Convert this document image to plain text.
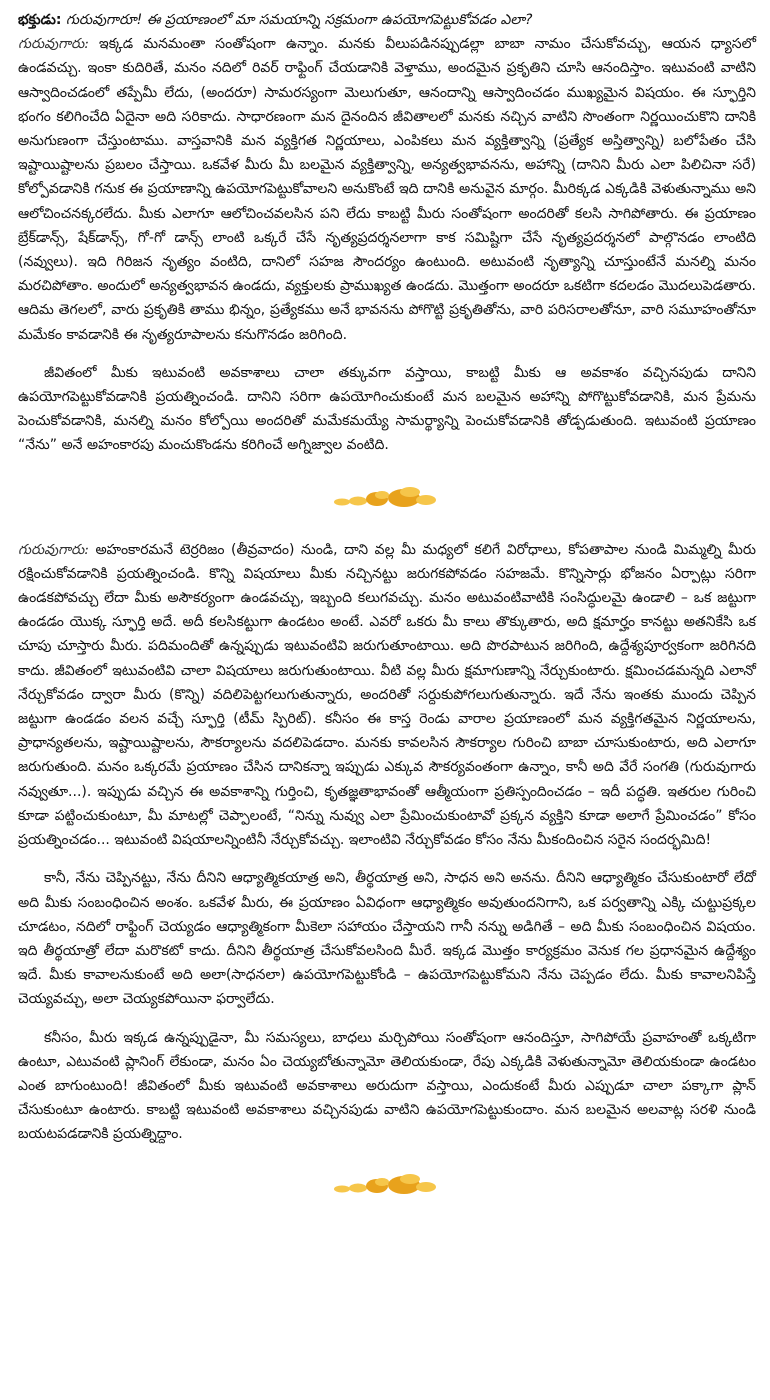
భక్తుడు: గురువుగారూ! ఈ ప్రయాణంలో మా సమయాన్ని సక్రమంగా ఉపయోగపెట్టుకోవడం ఎలా?

గురువుగారు: ఇక్కడ మనమంతా సంతోషంగా ఉన్నాం. మనకు వీలుపడినప్పుడల్లా బాబా నామం చేసుకోవచ్చు, ఆయన ధ్యాసలో ఉండవచ్చు. ఇంకా కుదిరితే, మనం నదిలో రివర్ రాఫ్టింగ్ చేయడానికి వెళ్తాము, అందమైన ప్రకృతిని చూసి ఆనందిస్తాం. ఇటువంటి వాటిని ఆస్వాదించడంలో తప్పేమీ లేదు, (అందరూ) సామరస్యంగా మెలుగుతూ, ఆనందాన్ని ఆస్వాదించడం ముఖ్యమైన విషయం. ఈ స్ఫూర్తిని భంగం కలిగించేది ఏదైనా అది సరికాదు. సాధారణంగా మన దైనందిన జీవితాలలో మనకు నచ్చిన వాటిని సొంతంగా నిర్ణయించుకొని దానికి అనుగుణంగా చేస్తుంటాము. వాస్తవానికి మన వ్యక్తిగత నిర్ణయాలు, ఎంపికలు మన వ్యక్తిత్వాన్ని (ప్రత్యేక అస్తిత్వాన్ని) బలోపేతం చేసి ఇష్టాయిష్టాలను ప్రబలం చేస్తాయి. ఒకవేళ మీరు మీ బలమైన వ్యక్తిత్వాన్ని, అన్యత్వభావనను, అహాన్ని (దానిని మీరు ఎలా పిలిచినా సరే) కోల్పోవడానికి గనుక ఈ ప్రయాణాన్ని ఉపయోగపెట్టుకోవాలని అనుకొంటే ఇది దానికి అనువైన మార్గం. మీరిక్కడ ఎక్కడికి వెళుతున్నాము అని ఆలోచించనక్కరలేదు. మీకు ఎలాగూ ఆలోచించవలసిన పని లేదు కాబట్టి మీరు సంతోషంగా అందరితో కలసి సాగిపోతారు. ఈ ప్రయాణం బ్రేక్‌డాన్స్, షేక్‌డాన్స్, గో-గో డాన్స్ లాంటి ఒక్కరే చేసే నృత్యప్రదర్శనలాగా కాక సమిష్టిగా చేసే నృత్యప్రదర్శనలో పాల్గొనడం లాంటిది (నవ్వులు). ఇది గిరిజన నృత్యం వంటిది, దానిలో సహజ సౌందర్యం ఉంటుంది. అటువంటి నృత్యాన్ని చూస్తుంటేనే మనల్ని మనం మరచిపోతాం. అందులో అన్యత్వభావన ఉండదు, వ్యక్తులకు ప్రాముఖ్యత ఉండదు. మొత్తంగా అందరూ ఒకటిగా కదలడం మొదలుపెడతారు. ఆదిమ తెగలలో, వారు ప్రకృతికి తాము భిన్నం, ప్రత్యేకము అనే భావనను పోగొట్టి ప్రకృతితోను, వారి పరిసరాలతోనూ, వారి సమూహంతోనూ మమేకం కావడానికి ఈ నృత్యరూపాలను కనుగొనడం జరిగింది.

జీవితంలో మీకు ఇటువంటి అవకాశాలు చాలా తక్కువగా వస్తాయి, కాబట్టి మీకు ఆ అవకాశం వచ్చినపుడు దానిని ఉపయోగపెట్టుకోవడానికి ప్రయత్నించండి. దానిని సరిగా ఉపయోగించుకుంటే మన బలమైన అహాన్ని పోగొట్టుకోవడానికి, మన ప్రేమను పెంచుకోవడానికి, మనల్ని మనం కోల్పోయి అందరితో మమేకమయ్యే సామర్థ్యాన్ని పెంచుకోవడానికి తోడ్పడుతుంది. ఇటువంటి ప్రయాణం “నేను” అనే అహంకారపు మంచుకొండను కరిగించే అగ్నిజ్వాల వంటిది.

గురువుగారు: అహంకారమనే టెర్రరిజం (తీవ్రవాదం) నుండి, దాని వల్ల మీ మధ్యలో కలిగే విరోధాలు, కోపతాపాల నుండి మిమ్మల్ని మీరు రక్షించుకోవడానికి ప్రయత్నించండి. కొన్ని విషయాలు మీకు నచ్చినట్టు జరుగకపోవడం సహజమే. కొన్నిసార్లు భోజనం ఏర్పాట్లు సరిగా ఉండకపోవచ్చు లేదా మీకు అసౌకర్యంగా ఉండవచ్చు, ఇబ్బంది కలుగవచ్చు. మనం అటువంటివాటికి సంసిద్ధులమై ఉండాలి – ఒక జట్టుగా ఉండడం యొక్క స్ఫూర్తి అదే. అదీ కలసికట్టుగా ఉండటం అంటే. ఎవరో ఒకరు మీ కాలు తొక్కుతారు, అది క్షమార్హం కానట్టు అతనికేసి ఒక చూపు చూస్తారు మీరు. పదిమందితో ఉన్నప్పుడు ఇటువంటివి జరుగుతూంటాయి. అది పొరపాటున జరిగింది, ఉద్దేశ్యపూర్వకంగా జరిగినది కాదు. జీవితంలో ఇటువంటివి చాలా విషయాలు జరుగుతుంటాయి. వీటి వల్ల మీరు క్షమాగుణాన్ని నేర్చుకుంటారు. క్షమించడమన్నది ఎలానో నేర్చుకోవడం ద్వారా మీరు (కొన్ని) వదిలిపెట్టగలుగుతున్నారు, అందరితో సర్దుకుపోగలుగుతున్నారు. ఇదే నేను ఇంతకు ముందు చెప్పిన జట్టుగా ఉండడం వలన వచ్చే స్ఫూర్తి (టీమ్ స్పిరిట్). కనీసం ఈ కాస్త రెండు వారాల ప్రయాణంలో మన వ్యక్తిగతమైన నిర్ణయాలను, ప్రాధాన్యతలను, ఇష్టాయిష్టాలను, సౌకర్యాలను వదలిపెడదాం. మనకు కావలసిన సౌకర్యాల గురించి బాబా చూసుకుంటారు, అది ఎలాగూ జరుగుతుంది. మనం ఒక్కరమే ప్రయాణం చేసిన దానికన్నా ఇప్పుడు ఎక్కువ సౌకర్యవంతంగా ఉన్నాం, కానీ అది వేరే సంగతి (గురువుగారు నవ్వుతూ...). ఇప్పుడు వచ్చిన ఈ అవకాశాన్ని గుర్తించి, కృతజ్ఞతాభావంతో ఆత్మీయంగా ప్రతిస్పందించడం – ఇదీ పద్ధతి. ఇతరుల గురించి కూడా పట్టించుకుంటూ, మీ మాటల్లో చెప్పాలంటే, “నిన్ను నువ్వు ఎలా ప్రేమించుకుంటావో ప్రక్కన వ్యక్తిని కూడా అలాగే ప్రేమించడం” కోసం ప్రయత్నించడం... ఇటువంటి విషయాలన్నింటినీ నేర్చుకోవచ్చు. ఇలాంటివి నేర్చుకోవడం కోసం నేను మీకందించిన సరైన సందర్భమిది!

కానీ, నేను చెప్పినట్టు, నేను దీనిని ఆధ్యాత్మికయాత్ర అని, తీర్థయాత్ర అని, సాధన అని అనను. దీనిని ఆధ్యాత్మికం చేసుకుంటారో లేదో అది మీకు సంబంధించిన అంశం. ఒకవేళ మీరు, ఈ ప్రయాణం ఏవిధంగా ఆధ్యాత్మికం అవుతుందనిగాని, ఒక పర్వతాన్ని ఎక్కి చుట్టుప్రక్కల చూడటం, నదిలో రాఫ్టింగ్ చెయ్యడం ఆధ్యాత్మికంగా మీకెలా సహాయం చేస్తాయని గానీ నన్ను అడిగితే – అది మీకు సంబంధించిన విషయం. ఇది తీర్థయాత్రో లేదా మరొకటో కాదు. దీనిని తీర్థయాత్ర చేసుకోవలసింది మీరే. ఇక్కడ మొత్తం కార్యక్రమం వెనుక గల ప్రధానమైన ఉద్దేశ్యం ఇదే. మీకు కావాలనుకుంటే అది అలా(సాధనలా) ఉపయోగపెట్టుకోండి – ఉపయోగపెట్టుకోమని నేను చెప్పడం లేదు. మీకు కావాలనిపిస్తే చెయ్యవచ్చు, అలా చెయ్యకపోయినా ఫర్వాలేదు.

కనీసం, మీరు ఇక్కడ ఉన్నప్పుడైనా, మీ సమస్యలు, బాధలు మర్చిపోయి సంతోషంగా ఆనందిస్తూ, సాగిపోయే ప్రవాహంతో ఒక్కటిగా ఉంటూ, ఎటువంటి ప్లానింగ్ లేకుండా, మనం ఏం చెయ్యబోతున్నామో తెలియకుండా, రేపు ఎక్కడికి వెళుతున్నామో తెలియకుండా ఉండటం ఎంత బాగుంటుంది! జీవితంలో మీకు ఇటువంటి అవకాశాలు అరుదుగా వస్తాయి, ఎందుకంటే మీరు ఎప్పుడూ చాలా పక్కాగా ప్లాన్ చేసుకుంటూ ఉంటారు. కాబట్టి ఇటువంటి అవకాశాలు వచ్చినపుడు వాటిని ఉపయోగపెట్టుకుందాం. మన బలమైన అలవాట్ల సరళి నుండి బయటపడడానికి ప్రయత్నిద్దాం.
